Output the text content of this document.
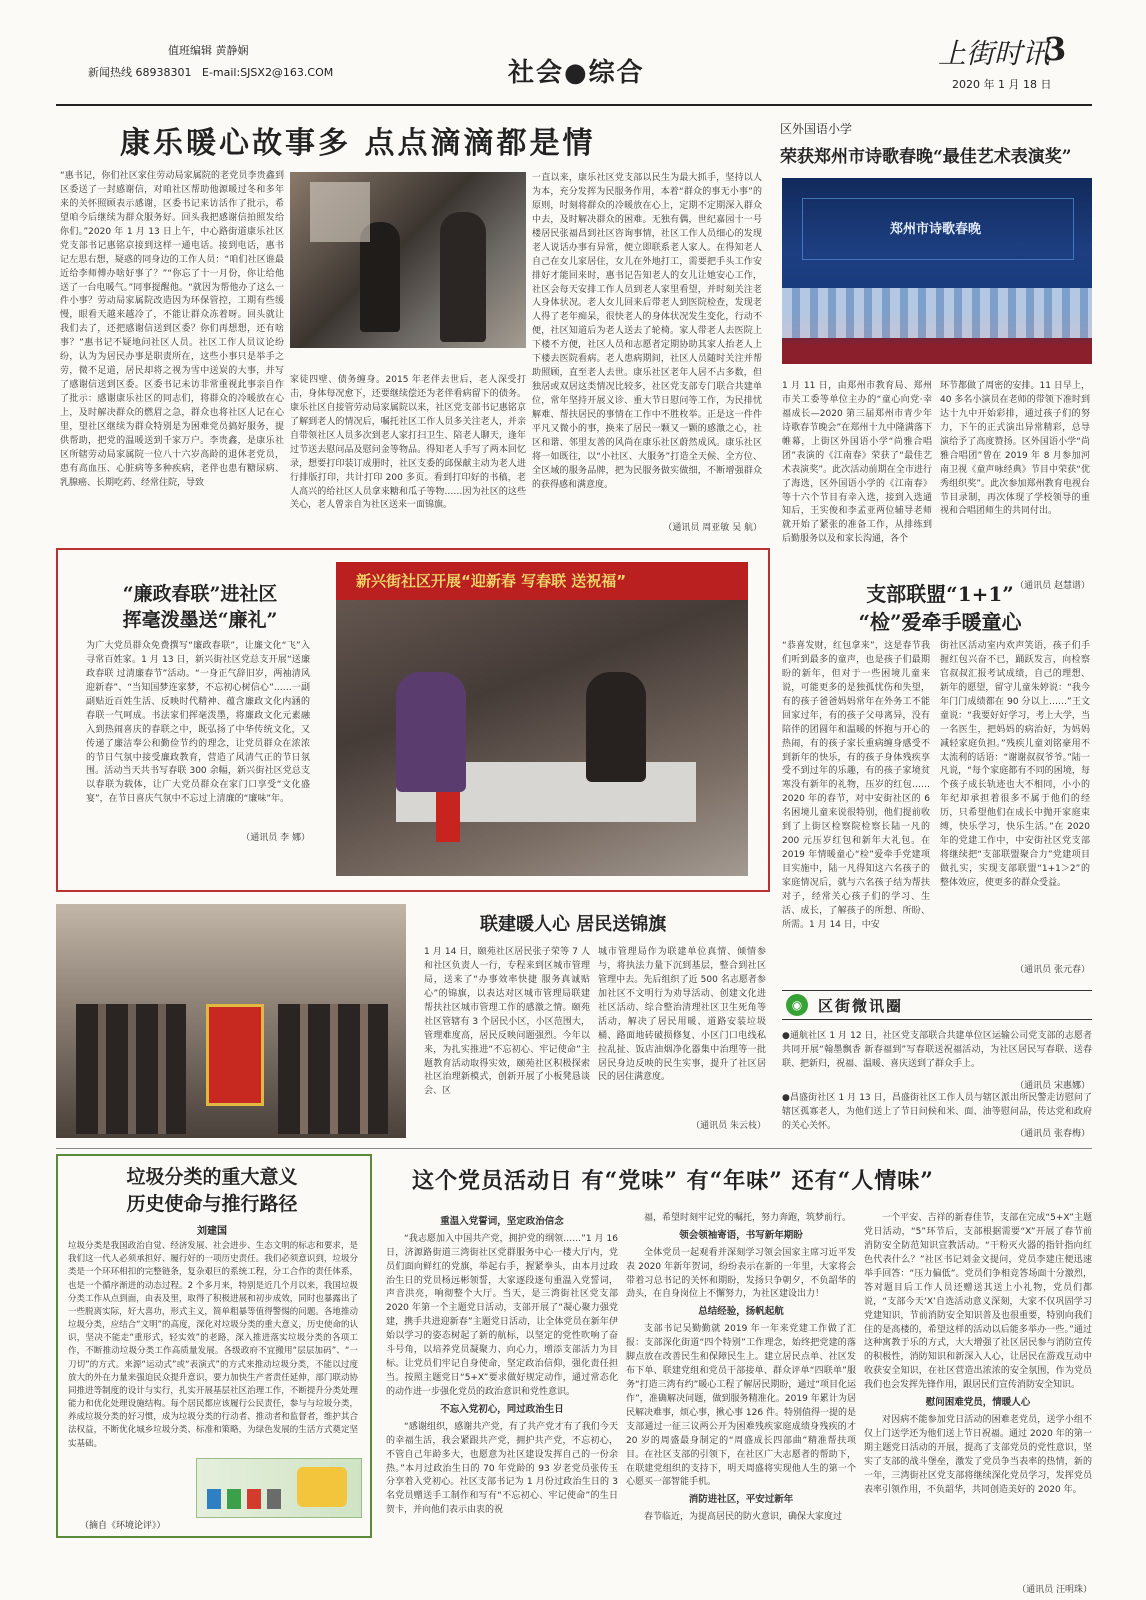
值班编辑 黄静娴
新闻热线 68938301 E-mail:SJSX2@163.COM	社会●综合
上街时讯
3
2020 年 1 月 18 日
康乐暖心故事多 点点滴滴都是情
“惠书记，你们社区家住劳动局家属院的老党员李贵鑫到区委送了一封感谢信，对咱社区帮助他源暖过冬和多年来的关怀照顾表示感谢，区委书记来访活作了批示，希望咱今后继续为群众服务好。回头我把感谢信拍照发给你们。”2020 年 1 月 13 日上午，中心路街道康乐社区党支部书记惠铭京接到这样一通电话。接到电话，惠书记左思右想，疑惑的同身边的工作人员：“咱们社区谁最近给李师傅办啥好事了？”“你忘了十一月份，你让给他送了一台电暖气。”同事提醒他。“就因为帮他办了这么一件小事？劳动局家属院改造因为环保管控，工期有些缓慢，眼看天越来越冷了，不能让群众冻着呀。回头就让我们去了，还把感谢信送到区委？你们再想想，还有啥事？”惠书记不疑地问社区人员。社区工作人员议论纷纷，认为为居民办事是职责所在，这些小事只是举手之劳，微不足道，居民却将之视为雪中送炭的大事，并写了感谢信送到区委。区委书记未访非常重视此事亲自作了批示：感谢康乐社区的同志们，将群众的冷暖放在心上，及时解决群众的燃眉之急，群众也将社区人记在心里，望社区继续为群众特别是为困难党员搞好服务，提供帮助，把党的温暖送到千家万户。李贵鑫，是康乐社区所辖劳动局家属院一位八十六岁高龄的退休老党员，患有高血压、心脏病等多种疾病，老伴也患有糖尿病、乳腺癌、长期吃药、经常住院，导致
家徒四壁、债务缠身。2015 年老伴去世后，老人深受打击，身体每况愈下，还要继续偿还为老伴看病留下的债务。康乐社区自接管劳动局家属院以来，社区党支部书记惠铭京了解到老人的情况后，嘱托社区工作人员多关注老人，并亲自带领社区人员多次到老人家打扫卫生、陪老人聊天，逢年过节送去慰问品及慰问金等物品。得知老人手写了两本回忆录，想要打印装订成册时，社区支委的邱保献主动为老人进行排版打印，共计打印 200 多页。看到打印好的书稿，老人高兴的给社区人员拿来糖和瓜子等物……因为社区的这些关心，老人曾亲自为社区送来一面锦旗。
一直以来，康乐社区党支部以民生为最大抓手，坚持以人为本，充分发挥为民服务作用，本着“群众的事无小事”的原则，时刻将群众的冷暖放在心上，定期不定期深入群众中去，及时解决群众的困难。无独有偶，世纪嘉园十一号楼居民张福昌到社区咨询事情，社区工作人员细心的发现老人说话办事有异常，便立即联系老人家人。在得知老人自己在女儿家居住，女儿在外地打工，需要把手头工作安排好才能回来时，惠书记告知老人的女儿让她安心工作，社区会每天安排工作人员到老人家里看望，并时刻关注老人身体状况。老人女儿回来后带老人到医院检查，发现老人得了老年痴呆，很快老人的身体状况发生变化，行动不便，社区知道后为老人送去了轮椅。家人带老人去医院上下楼不方便，社区人员和志愿者定期协助其家人抬老人上下楼去医院看病。老人患病期间，社区人员随时关注并帮助照顾，直至老人去世。康乐社区老年人居不占多数，但独居或双居这类情况比较多，社区党支部专门联合共建单位，常年坚持开展义诊、重大节日慰问等工作，为民排忧解难、帮扶居民的事情在工作中不胜枚举。正是这一件件平凡又微小的事，换来了居民一颗又一颗的感激之心，社区和谐、邻里友善的风尚在康乐社区蔚然成风。康乐社区将一如既往，以“小社区、大服务”打造全天候、全方位、全区域的服务品牌，把为民服务做实做细，不断增强群众的获得感和满意度。
（通讯员 周亚敏 吴 航）
区外国语小学
荣获郑州市诗歌春晚“最佳艺术表演奖”
郑州市诗歌春晚
1 月 11 日，由郑州市教育局、郑州市关工委等单位主办的“童心向党·幸福成长—2020 第三届郑州市青少年诗歌春节晚会”在郑州十九中隆满落下帷幕，上街区外国语小学“尚雅合唱团”表演的《江南春》荣获了“最佳艺术表演奖”。此次活动前期在全市进行了海选，区外国语小学的《江南春》等十六个节目有幸入选，接到入选通知后，王实俊和李孟亚两位辅导老师就开始了紧张的准备工作，从排练到后勤服务以及和家长沟通，各个
环节都做了周密的安排。11 日早上，40 多名小演员在老师的带领下准时到达十九中开始彩排，通过孩子们的努力，下午的正式演出异常精彩，总导演给予了高度赞扬。区外国语小学“尚雅合唱团”曾在 2019 年 8 月参加河南卫视《童声咏经典》节目中荣获“优秀组织奖”。此次参加郑州教育电视台节目录制，再次体现了学校领导的重视和合唱团师生的共同付出。
（通讯员 赵慧谱）
“廉政春联”进社区
挥毫泼墨送“廉礼”
为广大党员群众免费撰写“廉政春联”，让廉文化“飞”入寻常百姓家。1 月 13 日，新兴街社区党总支开展“送廉政春联 过清廉春节”活动。“一身正气辞旧岁，两袖清风迎新春”、“当知国梦连家梦，不忘初心树信心”……一副副贴近百姓生活、反映时代精神、蕴含廉政文化内涵的春联一气呵成。书法家们挥毫泼墨，将廉政文化元素融入到热闹喜庆的春联之中，既弘扬了中华传统文化，又传递了廉洁奉公和勤俭节约的理念，让党员群众在浓浓的节日气氛中接受廉政教育，营造了风清气正的节日氛围。活动当天共书写春联 300 余幅，新兴街社区党总支以春联为载体，让广大党员群众在家门口享受“文化盛宴”，在节日喜庆气氛中不忘过上清廉的“廉味”年。
（通讯员 李 娜）
新兴街社区开展“迎新春 写春联 送祝福”
支部联盟“1+1”
“检”爱牵手暖童心
“恭喜发财，红包拿来”，这是春节我们听到最多的童声，也是孩子们最期盼的新年，但对于一些困境儿童来说，可能更多的是独孤忧伤和失望，有的孩子爸爸妈妈常年在外务工不能回家过年，有的孩子父母离异，没有陪伴的团圆年和温暖的怀抱与开心的热闹，有的孩子家长重病缠身感受不到新年的快乐，有的孩子身体残疾享受不到过年的乐趣，有的孩子家境贫寒没有新年的礼物，压岁的红包……2020 年的春节，对中安街社区的 6 名困境儿童来说很特别，他们提前收到了上街区检察院检察长陆一凡的 200 元压岁红包和新年大礼包。在 2019 年情暖童心“检”爱牵手党建项目实施中，陆一凡得知这六名孩子的家庭情况后，就与六名孩子结为帮扶对子，经常关心孩子们的学习、生活、成长，了解孩子的所想、所盼、所需。1 月 14 日，中安
街社区活动室内欢声笑语，孩子们手握红包兴奋不已，踊跃发言，向检察官叔叔汇报考试成绩，自己的理想、新年的愿望，留守儿童朱婷说：“我今年门门成绩都在 90 分以上……”王文童说：“我要好好学习，考上大学，当一名医生，把妈妈的病治好，为妈妈减轻家庭负担。”残疾儿童刘铭豪用不太流利的话语：“谢谢叔叔爷爷。”陆一凡说，“每个家庭都有不同的困境，每个孩子成长轨迹也大不相同，小小的年纪却承担着很多不属于他们的经历，只希望他们在成长中抛开家庭束缚，快乐学习，快乐生活。”在 2020 年的党建工作中，中安街社区党支部将继续把“支部联盟聚合力”党建项目做扎实，实现支部联盟“1+1＞2”的整体效应，使更多的群众受益。
（通讯员 张元春）
联建暖人心 居民送锦旗
1 月 14 日，颐苑社区居民张子荣等 7 人和社区负责人一行，专程来到区城市管理局，送来了“办事效率快捷 服务真诚贴心”的锦旗，以表达对区城市管理局联建帮扶社区城市管理工作的感激之情。颐苑社区管辖有 3 个居民小区，小区范围大，管理难度高，居民反映问题强烈。今年以来，为扎实推进“不忘初心、牢记使命”主题教育活动取得实效，颐苑社区积极探索社区治理新模式，创新开展了小板凳恳谈会、区
城市管理局作为联建单位真情、倾情参与，将执法力量下沉到基层，整合到社区管理中去。先后组织了近 500 名志愿者参加社区不文明行为劝导活动、创建文化进社区活动、综合整治清理社区卫生死角等活动，解决了居民用暖、道路安装垃圾桶、路面地砖破损修复、小区门口电线私拉乱扯、饭店油烟净化器集中治理等一批居民身边反映的民生实事，提升了社区居民的居住满意度。
（通讯员 朱云枝）
◉	区街微讯圈
●通航社区 1 月 12 日，社区党支部联合共建单位区运输公司党支部的志愿者共同开展“翰墨飘香 新春福到”写春联送祝福活动，为社区居民写春联、送春联、把新归，祝福、温暖、喜庆送到了群众手上。
（通讯员 宋惠娜）
●昌盛街社区 1 月 13 日，昌盛街社区工作人员与辖区派出所民警走访慰问了辖区孤寡老人，为他们送上了节日问候和米、面、油等慰问品，传达党和政府的关心关怀。
（通讯员 张春梅）
垃圾分类的重大意义
历史使命与推行路径
刘建国
垃圾分类是我国政治自觉、经济发展、社会进步、生态文明的标志和要求，是我们这一代人必须承担好、履行好的一项历史责任。我们必须意识到，垃圾分类是一个环环相扣的完整链条，复杂艰巨的系统工程，分工合作的责任体系，也是一个循序渐进的动态过程。2 个多月来，特别是近几个月以来，我国垃圾分类工作从点到面，由表及里，取得了积极进展和初步成效，同时也暴露出了一些脱离实际，好大喜功，形式主义，简单粗暴等值得警惕的问题。各地推动垃圾分类，应结合“文明”的高度，深化对垃圾分类的重大意义，历史使命的认识，坚决不能走“重形式，轻实效”的老路，深入推进落实垃圾分类的各项工作，不断推动垃圾分类工作高质量发展。各级政府不宜搬用“层层加码”、“一刀切”的方式。来源“运动式”或“表演式”的方式来推动垃圾分类，不能以过度放大的外在力量来强迫民众提升意识，要力加快生产者责任延伸，部门联动协同推进等制度的设计与实行，扎实开展基层社区治理工作，不断提升分类处理能力和优化处理设施结构。每个居民都应该履行公民责任，参与与垃圾分类，养成垃圾分类的好习惯，成为垃圾分类的行动者、推动者和监督者，维护其合法权益，不断优化城乡垃圾分类、标准和策略，为绿色发展的生活方式奠定坚实基础。
（摘自《环境论评》）
这个党员活动日 有“党味” 有“年味” 还有“人情味”
重温入党誓词，坚定政治信念

“我志愿加入中国共产党，拥护党的纲领……”1 月 16 日，济源路街道三湾街社区党群服务中心一楼大厅内，党员们面向鲜红的党旗，举起右手，握紧拳头，由本月过政治生日的党员杨远彬领誓，大家逐段逐句重温入党誓词，声音洪亮，响彻整个大厅。当天，是三湾街社区党支部 2020 年第一个主题党日活动，支部开展了“凝心聚力强党建，携手共进迎新春”主题党日活动，让全体党员在新年伊始以学习的姿态树起了新的航标，以坚定的党性吹响了奋斗号角，以培养党员凝聚力、向心力，增添支部活力为目标。让党员们牢记自身使命，坚定政治信仰，强化责任担当。按照主题党日“5+X”要求做好规定动作，通过常态化的动作进一步强化党员的政治意识和党性意识。

不忘入党初心，同过政治生日

“感谢组织，感谢共产党，有了共产党才有了我们今天的幸福生活，我会紧跟共产党，拥护共产党，不忘初心，不管自己年龄多大，也愿意为社区建设发挥自己的一份余热。”本月过政治生日的 70 年党龄的 93 岁老党员张传玉分享着入党初心。社区支部书记为 1 月份过政治生日的 3 名党员赠送手工制作和写有“不忘初心、牢记使命”的生日贺卡，并向他们表示由衷的祝

福，希望时刻牢记党的嘱托，努力奔跑，筑梦前行。

领会领袖寄语，书写新年期盼

全体党员一起观看并深刻学习领会国家主席习近平发表 2020 年新年贺词，纷纷表示在新的一年里，大家将会带着习总书记的关怀和期盼，发扬只争朝夕，不负韶华的劲头，在自身岗位上不懈努力，为社区建设出力！

总结经验，扬帆起航

支部书记吴勤勤就 2019 年一年来党建工作做了汇报：支部深化街道“四个特别”工作理念，始终把党建的落脚点放在改善民生和保障民生上。建立居民点单、社区发布下单、联建党组和党员干部接单、群众评单“四联单”服务“打造三湾有约”暖心工程了解居民期盼，通过“项目化运作”，准确解决问题，做到服务精准化。2019 年累计为居民解决难事，烦心事，揪心事 126 件。特别值得一提的是支部通过一征三议两公开为困难残疾家庭成绩身残疾的才 20 岁的周盛最身制定的“周盛成长四部曲”精准帮扶项目。在社区支部的引领下，在社区广大志愿者的帮助下，在联建党组织的支持下，明天周盛将实现他人生的第一个心愿买一部智能手机。

消防进社区，平安过新年

春节临近，为提高居民的防火意识，确保大家度过

一个平安、吉祥的新春佳节，支部在完成“5+X”主题党日活动，“5”环节后，支部根据需要“X”开展了春节前消防安全防范知识宣教活动。“干粉灭火器的指针指向红色代表什么？”社区书记刘金文提问，党员李建庄便迅速举手回答：“压力偏低”。党员们争相竞答场面十分激烈，答对题目后工作人员还赠送其送上小礼物，党员们都说，“支部今天‘X’自选活动意义深刻，大家不仅巩固学习党建知识，节前消防安全知识普及也很重要，特别向我们住的是高楼的，希望这样的活动以后能多举办一些。”通过这种寓教于乐的方式，大大增强了社区居民参与消防宣传的积极性，消防知识和新深入人心，让居民在游戏互动中收获安全知识，在社区营造出浓浓的安全氛围，作为党员我们也会发挥先锋作用，跟居民们宣传消防安全知识。

慰问困难党员，情暖人心

对因病不能参加党日活动的困难老党员，送学小组不仅上门送学还为他们送上节日祝福。通过 2020 年的第一期主题党日活动的开展，提高了支部党员的党性意识，坚实了支部的战斗堡垒，激发了党员争当表率的热情，新的一年，三湾街社区党支部将继续深化党员学习，发挥党员表率引领作用，不负韶华，共同创造美好的 2020 年。

（通讯员 汪明珠）
